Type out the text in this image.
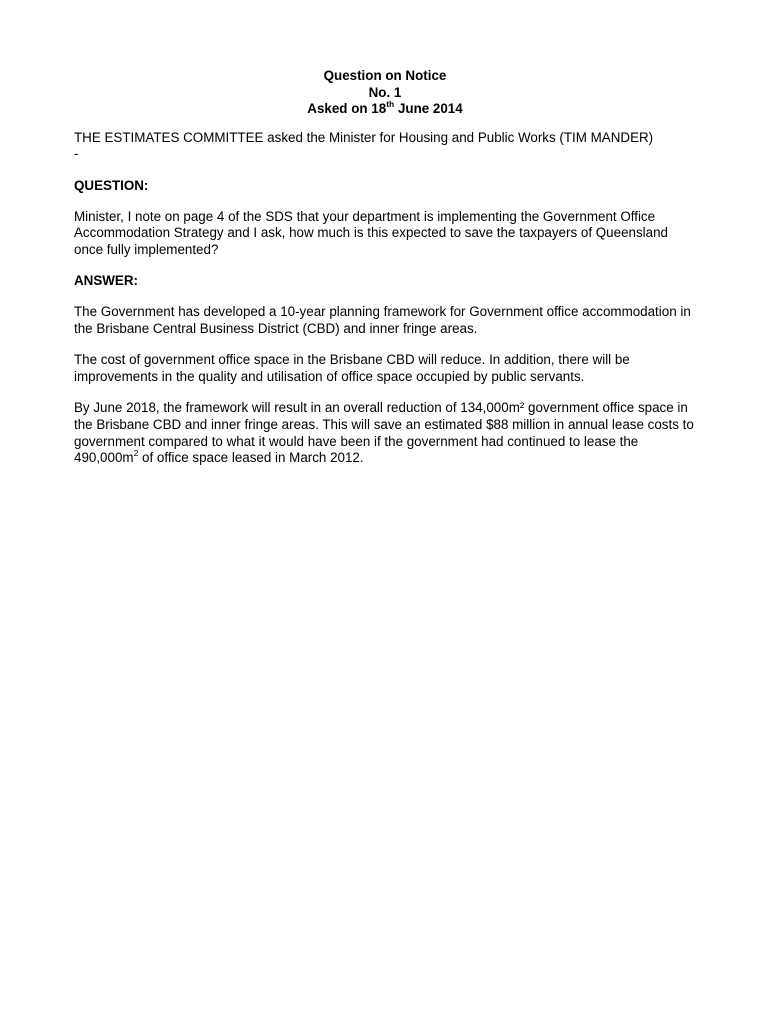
Question on Notice
No. 1
Asked on 18th June 2014

THE ESTIMATES COMMITTEE asked the Minister for Housing and Public Works (TIM MANDER)
-

QUESTION:

Minister, I note on page 4 of the SDS that your department is implementing the Government Office Accommodation Strategy and I ask, how much is this expected to save the taxpayers of Queensland once fully implemented?

ANSWER:

The Government has developed a 10-year planning framework for Government office accommodation in the Brisbane Central Business District (CBD) and inner fringe areas.

The cost of government office space in the Brisbane CBD will reduce. In addition, there will be improvements in the quality and utilisation of office space occupied by public servants.

By June 2018, the framework will result in an overall reduction of 134,000m² government office space in the Brisbane CBD and inner fringe areas. This will save an estimated $88 million in annual lease costs to government compared to what it would have been if the government had continued to lease the $490,000m^2$ of office space leased in March 2012.
